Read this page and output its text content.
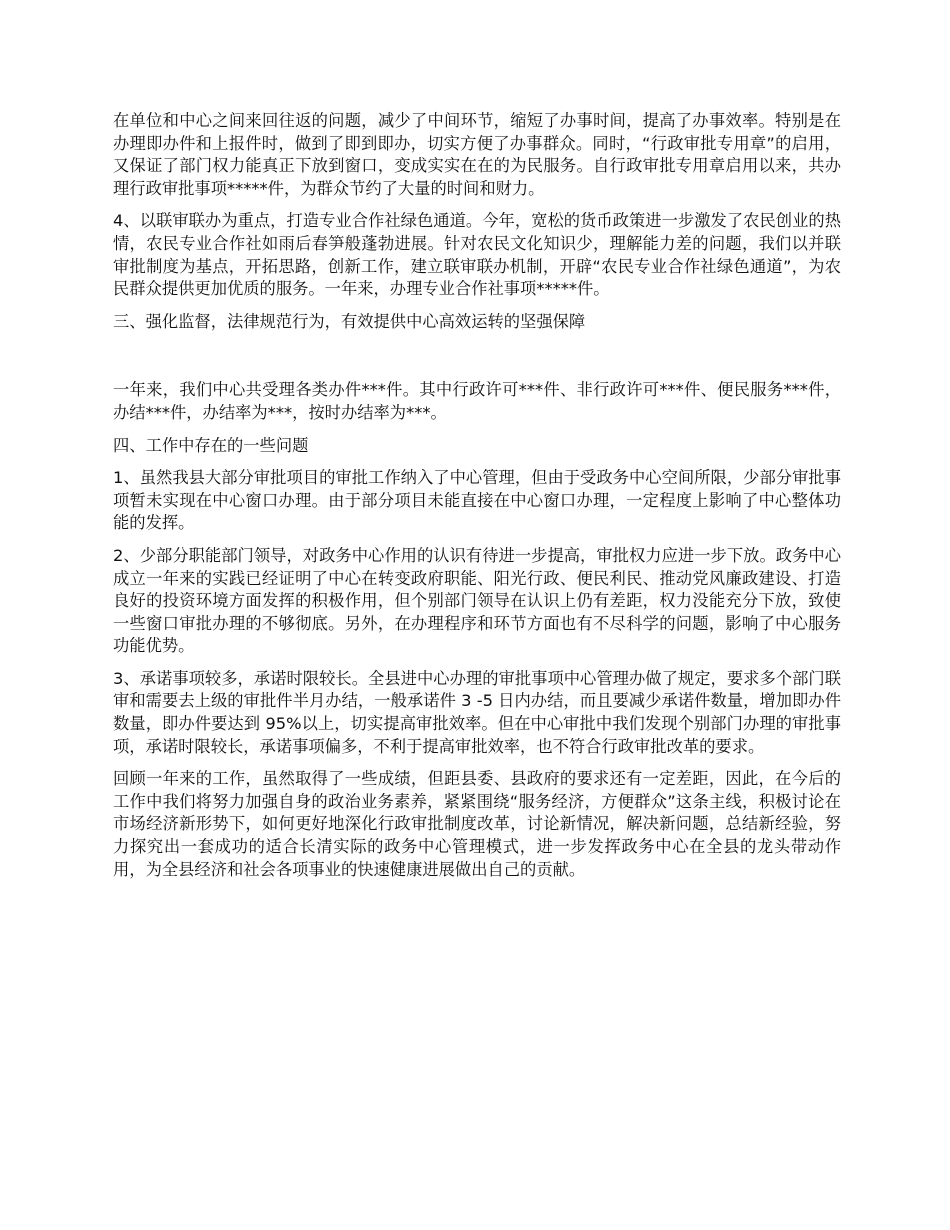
在单位和中心之间来回往返的问题，减少了中间环节，缩短了办事时间，提高了办事效率。特别是在办理即办件和上报件时，做到了即到即办，切实方便了办事群众。同时，“行政审批专用章”的启用，又保证了部门权力能真正下放到窗口，变成实实在在的为民服务。自行政审批专用章启用以来，共办理行政审批事项*****件，为群众节约了大量的时间和财力。

4、以联审联办为重点，打造专业合作社绿色通道。今年，宽松的货币政策进一步激发了农民创业的热情，农民专业合作社如雨后春笋般蓬勃进展。针对农民文化知识少，理解能力差的问题，我们以并联审批制度为基点，开拓思路，创新工作，建立联审联办机制，开辟“农民专业合作社绿色通道”，为农民群众提供更加优质的服务。一年来，办理专业合作社事项*****件。

三、强化监督，法律规范行为，有效提供中心高效运转的坚强保障

一年来，我们中心共受理各类办件***件。其中行政许可***件、非行政许可***件、便民服务***件，办结***件，办结率为***，按时办结率为***。

四、工作中存在的一些问题

1、虽然我县大部分审批项目的审批工作纳入了中心管理，但由于受政务中心空间所限，少部分审批事项暂未实现在中心窗口办理。由于部分项目未能直接在中心窗口办理，一定程度上影响了中心整体功能的发挥。

2、少部分职能部门领导，对政务中心作用的认识有待进一步提高，审批权力应进一步下放。政务中心成立一年来的实践已经证明了中心在转变政府职能、阳光行政、便民利民、推动党风廉政建设、打造良好的投资环境方面发挥的积极作用，但个别部门领导在认识上仍有差距，权力没能充分下放，致使一些窗口审批办理的不够彻底。另外，在办理程序和环节方面也有不尽科学的问题，影响了中心服务功能优势。

3、承诺事项较多，承诺时限较长。全县进中心办理的审批事项中心管理办做了规定，要求多个部门联审和需要去上级的审批件半月办结，一般承诺件 3 -5 日内办结，而且要减少承诺件数量，增加即办件数量，即办件要达到 95%以上，切实提高审批效率。但在中心审批中我们发现个别部门办理的审批事项，承诺时限较长，承诺事项偏多，不利于提高审批效率，也不符合行政审批改革的要求。

回顾一年来的工作，虽然取得了一些成绩，但距县委、县政府的要求还有一定差距，因此，在今后的工作中我们将努力加强自身的政治业务素养，紧紧围绕“服务经济，方便群众”这条主线，积极讨论在市场经济新形势下，如何更好地深化行政审批制度改革，讨论新情况，解决新问题，总结新经验，努力探究出一套成功的适合长清实际的政务中心管理模式，进一步发挥政务中心在全县的龙头带动作用，为全县经济和社会各项事业的快速健康进展做出自己的贡献。
